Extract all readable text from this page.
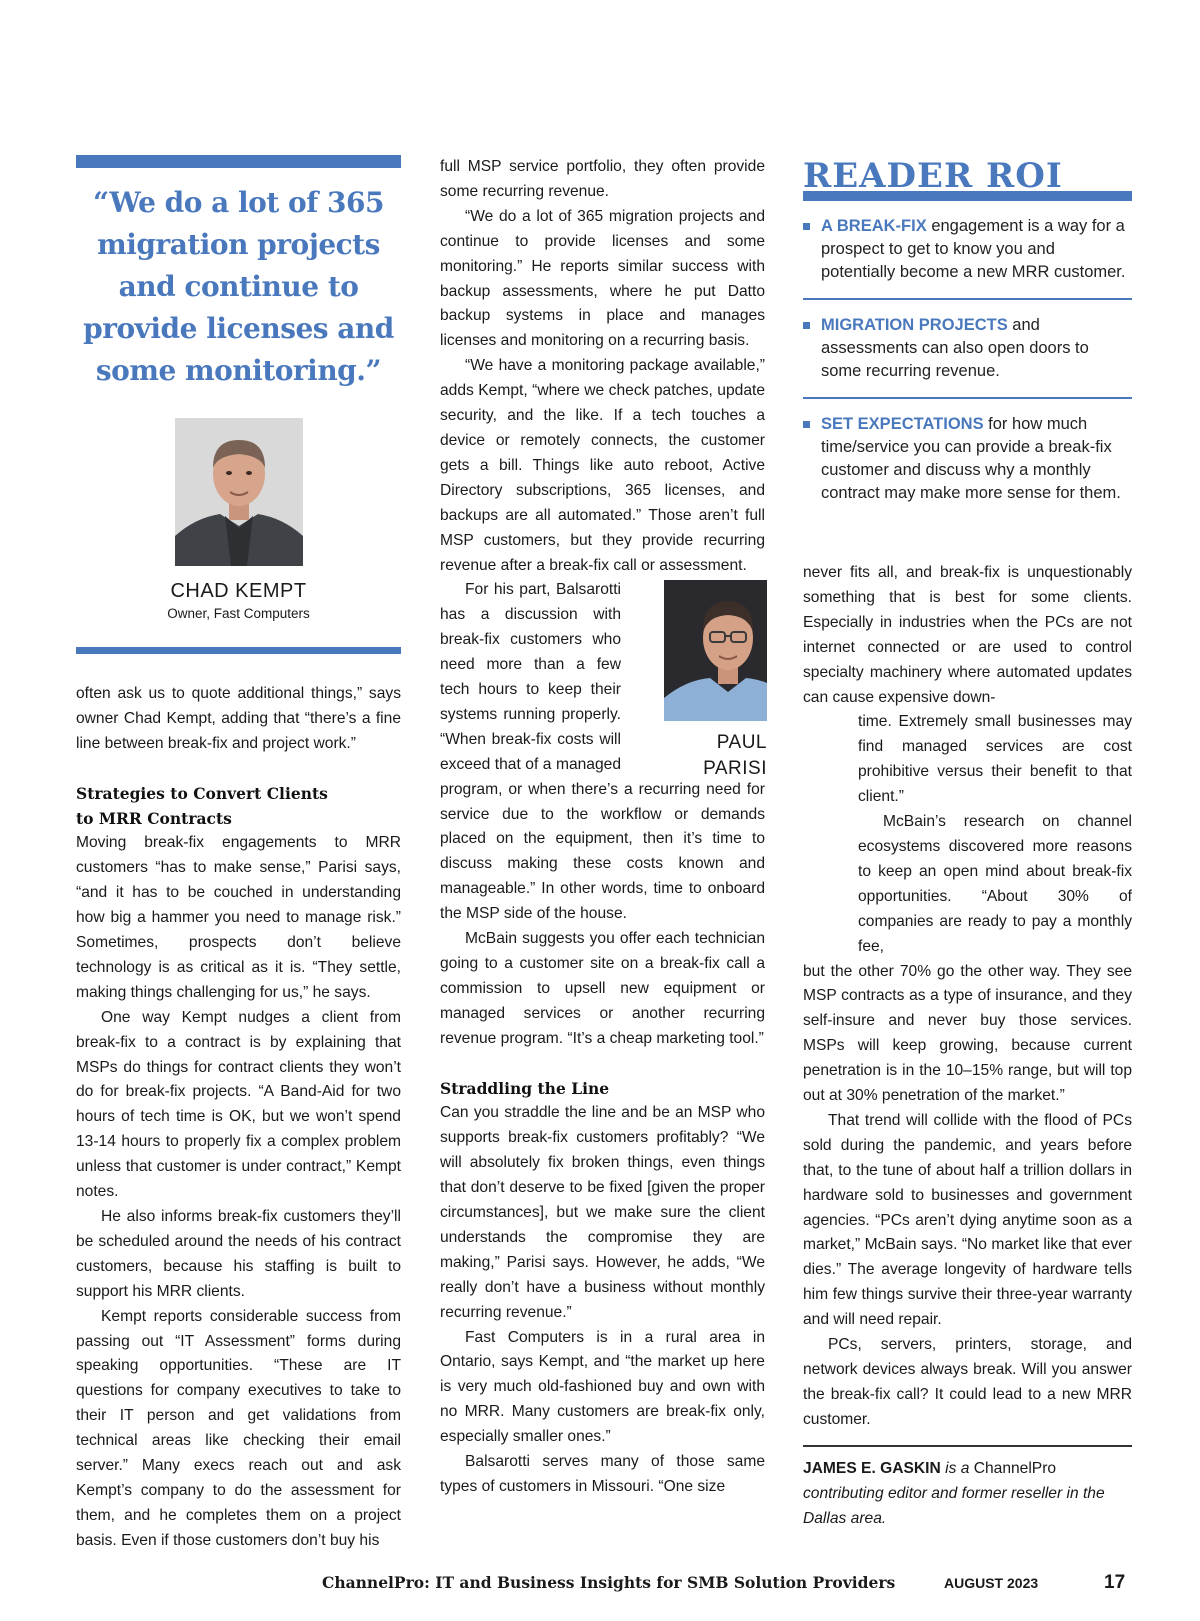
“We do a lot of 365 migration projects and continue to provide licenses and some monitoring.”
CHAD KEMPT
Owner, Fast Computers

often ask us to quote additional things,” says owner Chad Kempt, adding that “there’s a fine line between break-fix and project work.”

Strategies to Convert Clients
to MRR Contracts

Moving break-fix engagements to MRR customers “has to make sense,” Parisi says, “and it has to be couched in understanding how big a hammer you need to manage risk.” Sometimes, prospects don’t believe technology is as critical as it is. “They settle, making things challenging for us,” he says.

One way Kempt nudges a client from break-fix to a contract is by explaining that MSPs do things for contract clients they won’t do for break-fix projects. “A Band-Aid for two hours of tech time is OK, but we won’t spend 13-14 hours to properly fix a complex problem unless that customer is under contract,” Kempt notes.

He also informs break-fix customers they’ll be scheduled around the needs of his contract customers, because his staffing is built to support his MRR clients.

Kempt reports considerable success from passing out “IT Assessment” forms during speaking opportunities. “These are IT questions for company executives to take to their IT person and get validations from technical areas like checking their email server.” Many execs reach out and ask Kempt’s company to do the assessment for them, and he completes them on a project basis. Even if those customers don’t buy his

full MSP service portfolio, they often provide some recurring revenue.

“We do a lot of 365 migration projects and continue to provide licenses and some monitoring.” He reports similar success with backup assessments, where he put Datto backup systems in place and manages licenses and monitoring on a recurring basis.

“We have a monitoring package available,” adds Kempt, “where we check patches, update security, and the like. If a tech touches a device or remotely connects, the customer gets a bill. Things like auto reboot, Active Directory subscriptions, 365 licenses, and backups are all automated.” Those aren’t full MSP customers, but they provide recurring revenue after a break-fix call or assessment.

PAUL PARISI
For his part, Balsarotti has a discussion with break-fix customers who need more than a few tech hours to keep their systems running properly. “When break-fix costs will exceed that of a managed program, or when there’s a recurring need for service due to the workflow or demands placed on the equipment, then it’s time to discuss making these costs known and manageable.” In other words, time to onboard the MSP side of the house.

McBain suggests you offer each technician going to a customer site on a break-fix call a commission to upsell new equipment or managed services or another recurring revenue program. “It’s a cheap marketing tool.”

Straddling the Line

Can you straddle the line and be an MSP who supports break-fix customers profitably? “We will absolutely fix broken things, even things that don’t deserve to be fixed [given the proper circumstances], but we make sure the client understands the compromise they are making,” Parisi says. However, he adds, “We really don’t have a business without monthly recurring revenue.”

Fast Computers is in a rural area in Ontario, says Kempt, and “the market up here is very much old-fashioned buy and own with no MRR. Many customers are break-fix only, especially smaller ones.”

Balsarotti serves many of those same types of customers in Missouri. “One size

READER ROI
A BREAK-FIX engagement is a way for a prospect to get to know you and potentially become a new MRR customer.
MIGRATION PROJECTS and assessments can also open doors to some recurring revenue.
SET EXPECTATIONS for how much time/service you can provide a break-fix customer and discuss why a monthly contract may make more sense for them.

never fits all, and break-fix is unquestionably something that is best for some clients. Especially in industries when the PCs are not internet connected or are used to control specialty machinery where automated updates can cause expensive down-

time. Extremely small businesses may find managed services are cost prohibitive versus their benefit to that client.”

McBain’s research on channel ecosystems discovered more reasons to keep an open mind about break-fix opportunities. “About 30% of companies are ready to pay a monthly fee,

but the other 70% go the other way. They see MSP contracts as a type of insurance, and they self-insure and never buy those services. MSPs will keep growing, because current penetration is in the 10–15% range, but will top out at 30% penetration of the market.”

That trend will collide with the flood of PCs sold during the pandemic, and years before that, to the tune of about half a trillion dollars in hardware sold to businesses and government agencies. “PCs aren’t dying anytime soon as a market,” McBain says. “No market like that ever dies.” The average longevity of hardware tells him few things survive their three-year warranty and will need repair.

PCs, servers, printers, storage, and network devices always break. Will you answer the break-fix call? It could lead to a new MRR customer.

JAMES E. GASKIN is a ChannelPro contributing editor and former reseller in the Dallas area.
ChannelPro: IT and Business Insights for SMB Solution Providers	AUGUST 2023	17
